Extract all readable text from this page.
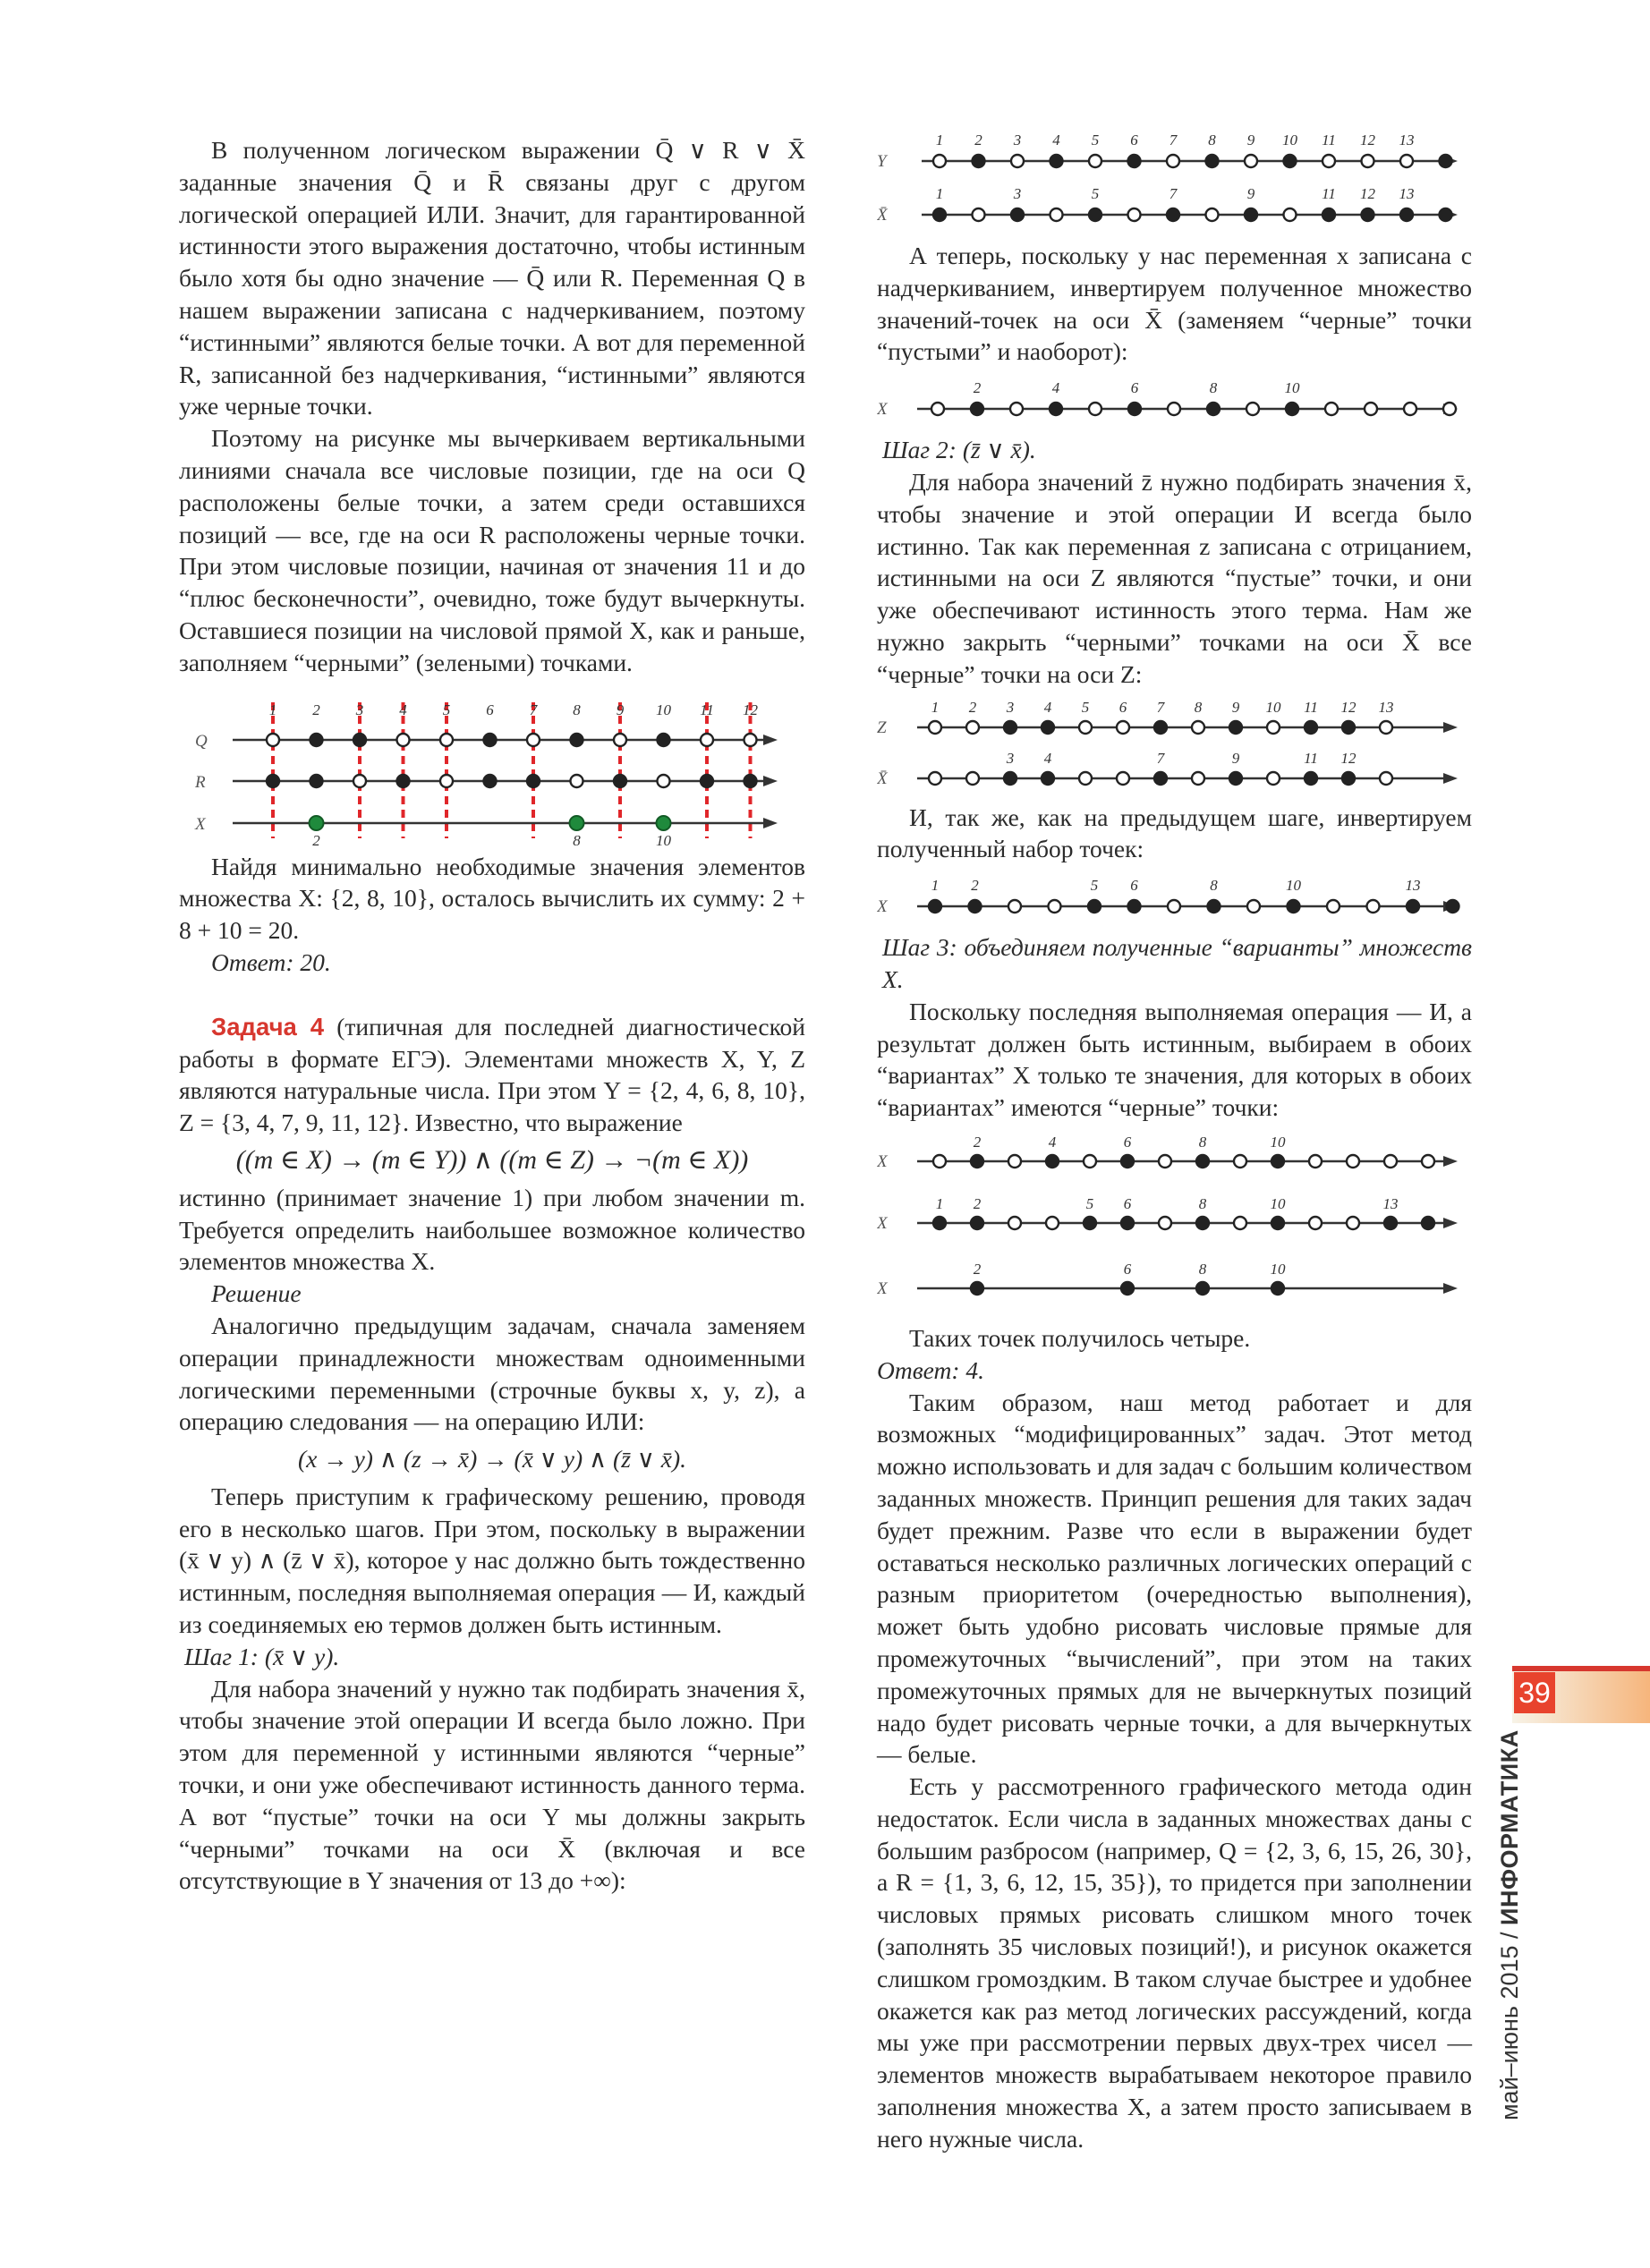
В полученном логическом выражении Q̄ ∨ R ∨ X̄ заданные значения Q̄ и R̄ связаны друг с другом логической операцией ИЛИ. Значит, для гарантированной истинности этого выражения достаточно, чтобы истинным было хотя бы одно значение — Q̄ или R. Переменная Q в нашем выражении записана с надчеркиванием, поэтому “истинными” являются белые точки. А вот для переменной R, записанной без надчеркивания, “истинными” являются уже черные точки.

Поэтому на рисунке мы вычеркиваем вертикальными линиями сначала все числовые позиции, где на оси Q расположены белые точки, а затем среди оставшихся позиций — все, где на оси R расположены черные точки. При этом числовые позиции, начиная от значения 11 и до “плюс бесконечности”, очевидно, тоже будут вычеркнуты. Оставшиеся позиции на числовой прямой X, как и раньше, заполняем “черными” (зелеными) точками.

1 2 3 4 5 6 7 8 9 10 11 12
2	8	10
Q
R
X

Найдя минимально необходимые значения элементов множества X: {2, 8, 10}, осталось вычислить их сумму: 2 + 8 + 10 = 20.

Ответ: 20.

Задача 4 (типичная для последней диагностической работы в формате ЕГЭ). Элементами множеств X, Y, Z являются натуральные числа. При этом Y = {2, 4, 6, 8, 10}, Z = {3, 4, 7, 9, 11, 12}. Известно, что выражение

((m ∈ X) → (m ∈ Y)) ∧ ((m ∈ Z) → ¬(m ∈ X))

истинно (принимает значение 1) при любом значении m. Требуется определить наибольшее возможное количество элементов множества X.

Решение

Аналогично предыдущим задачам, сначала заменяем операции принадлежности множествам одноименными логическими переменными (строчные буквы x, y, z), а операцию следования — на операцию ИЛИ:

(x → y) ∧ (z → x̄) → (x̄ ∨ y) ∧ (z̄ ∨ x̄).

Теперь приступим к графическому решению, проводя его в несколько шагов. При этом, поскольку в выражении (x̄ ∨ y) ∧ (z̄ ∨ x̄), которое у нас должно быть тождественно истинным, последняя выполняемая операция — И, каждый из соединяемых ею термов должен быть истинным.

Шаг 1: (x̄ ∨ y).

Для набора значений y нужно так подбирать значения x̄, чтобы значение этой операции И всегда было ложно. При этом для переменной y истинными являются “черные” точки, и они уже обеспечивают истинность данного терма. А вот “пустые” точки на оси Y мы должны закрыть “черными” точками на оси X̄ (включая и все отсутствующие в Y значения от 13 до +∞):

1 2 3 4 5 6 7 8 9 10 11 12 13
1	3	5	7	9	11 12 13
Y
X̄

А теперь, поскольку у нас переменная x записана с надчеркиванием, инвертируем полученное множество значений-точек на оси X̄ (заменяем “черные” точки “пустыми” и наоборот):

2	4	6	8	10
X

Шаг 2: (z̄ ∨ x̄).

Для набора значений z̄ нужно подбирать значения x̄, чтобы значение и этой операции И всегда было истинно. Так как переменная z записана с отрицанием, истинными на оси Z являются “пустые” точки, и они уже обеспечивают истинность этого терма. Нам же нужно закрыть “черными” точками на оси X̄ все “черные” точки на оси Z:

1 2 3 4 5 6 7 8 9 10 11 12 13
3 4	7	9	11 12
Z
X̄

И, так же, как на предыдущем шаге, инвертируем полученный набор точек:

1 2	5 6	8	10	13
X

Шаг 3: объединяем полученные “варианты” множеств X.

Поскольку последняя выполняемая операция — И, а результат должен быть истинным, выбираем в обоих “вариантах” X только те значения, для которых в обоих “вариантах” имеются “черные” точки:

2	4	6	8	10
1 2	5 6	8	10	13
2	6	8	10
X
X
X

Таких точек получилось четыре.

Ответ: 4.

Таким образом, наш метод работает и для возможных “модифицированных” задач. Этот метод можно использовать и для задач с большим количеством заданных множеств. Принцип решения для таких задач будет прежним. Разве что если в выражении будет оставаться несколько различных логических операций с разным приоритетом (очередностью выполнения), может быть удобно рисовать числовые прямые для промежуточных “вычислений”, при этом на таких промежуточных прямых для не вычеркнутых позиций надо будет рисовать черные точки, а для вычеркнутых — белые.

Есть у рассмотренного графического метода один недостаток. Если числа в заданных множествах даны с большим разбросом (например, Q = {2, 3, 6, 15, 26, 30}, а R = {1, 3, 6, 12, 15, 35}), то придется при заполнении числовых прямых рисовать слишком много точек (заполнять 35 числовых позиций!), и рисунок окажется слишком громоздким. В таком случае быстрее и удобнее окажется как раз метод логических рассуждений, когда мы уже при рассмотрении первых двух-трех чисел — элементов множеств вырабатываем некоторое правило заполнения множества X, а затем просто записываем в него нужные числа.

39
май–июнь 2015 / ИНФОРМАТИКА
